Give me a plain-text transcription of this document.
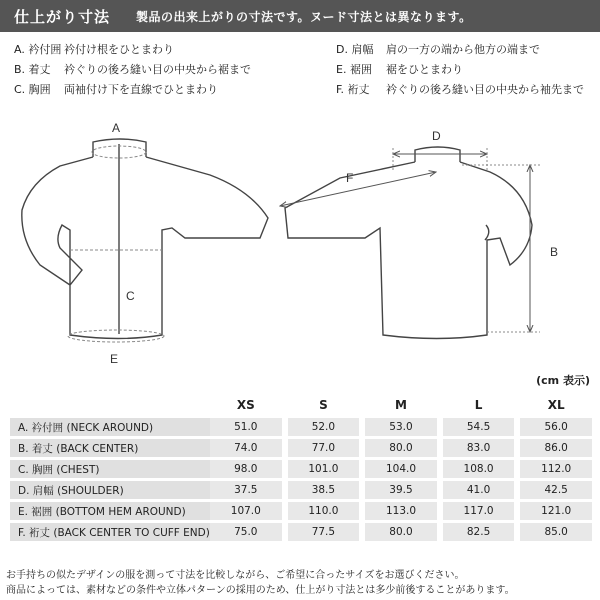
仕上がり寸法 製品の出来上がりの寸法です。ヌード寸法とは異なります。
A. 衿付囲 衿付け根をひとまわり
B. 着丈 衿ぐりの後ろ縫い目の中央から裾まで
C. 胸囲 両袖付け下を直線でひとまわり
D. 肩幅 肩の一方の端から他方の端まで
E. 裾囲 裾をひとまわり
F. 裄丈 衿ぐりの後ろ縫い目の中央から袖先まで
A
C
E
D
F
B
(cm 表示)
	XS		S		M		L		XL
A. 衿付囲 (NECK AROUND)	51.0		52.0		53.0		54.5		56.0
B. 着丈 (BACK CENTER)	74.0		77.0		80.0		83.0		86.0
C. 胸囲 (CHEST)	98.0		101.0		104.0		108.0		112.0
D. 肩幅 (SHOULDER)	37.5		38.5		39.5		41.0		42.5
E. 裾囲 (BOTTOM HEM AROUND)	107.0		110.0		113.0		117.0		121.0
F. 裄丈 (BACK CENTER TO CUFF END)	75.0		77.5		80.0		82.5		85.0
お手持ちの似たデザインの服を測って寸法を比較しながら、ご希望に合ったサイズをお選びください。
商品によっては、素材などの条件や立体パターンの採用のため、仕上がり寸法とは多少前後することがあります。
